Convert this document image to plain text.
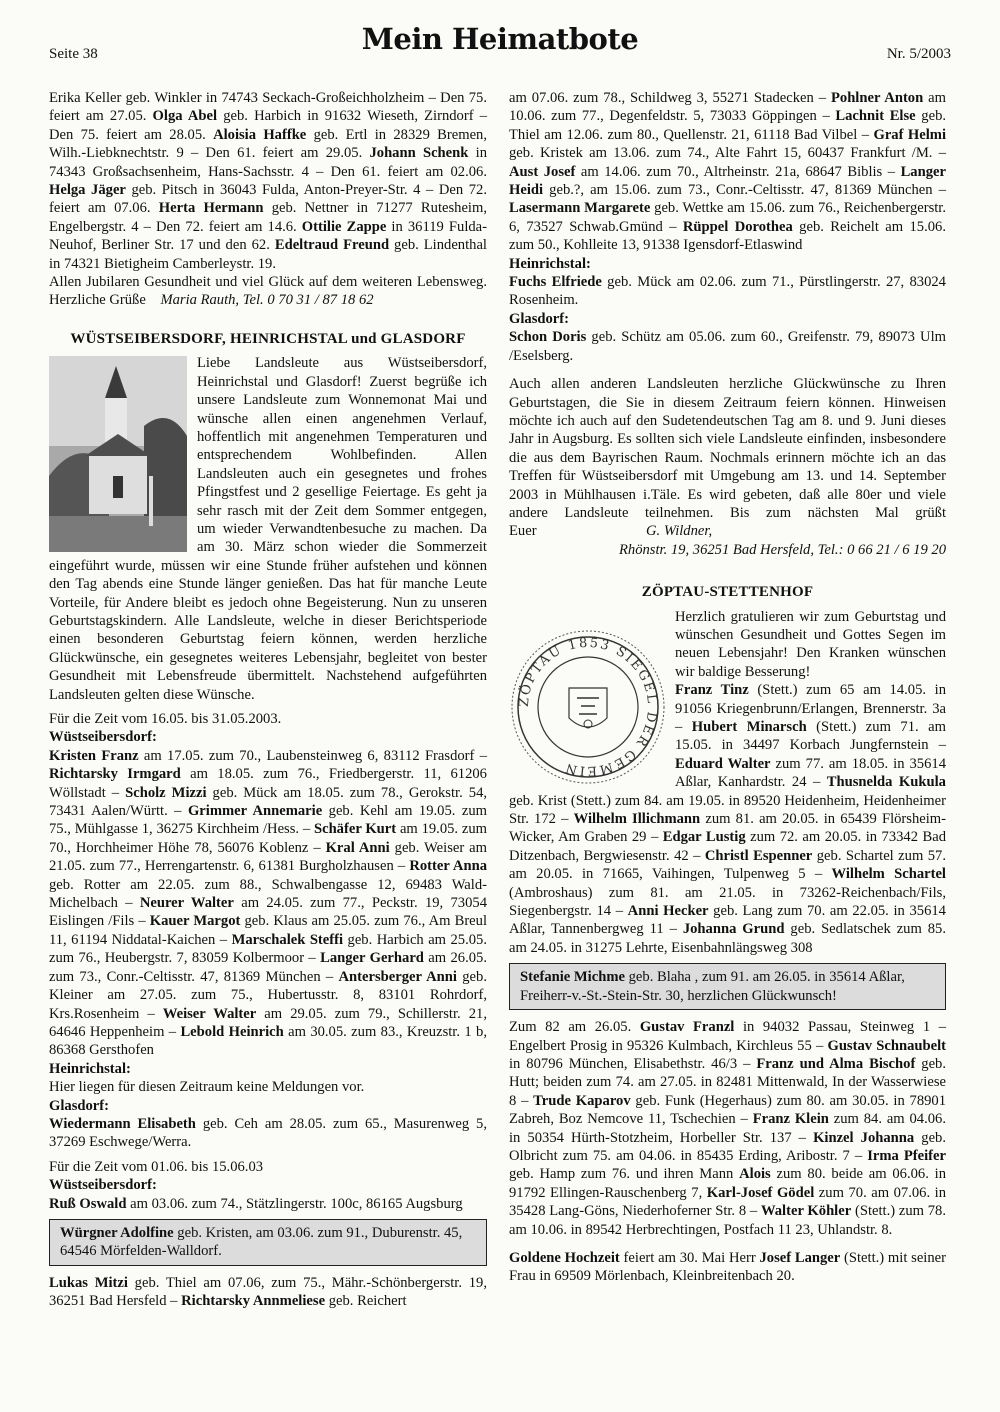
Seite 38	Mein Heimatbote	Nr. 5/2003

Erika Keller geb. Winkler in 74743 Seckach-Großeichholzheim – Den 75. feiert am 27.05. Olga Abel geb. Harbich in 91632 Wieseth, Zirndorf – Den 75. feiert am 28.05. Aloisia Haffke geb. Ertl in 28329 Bremen, Wilh.-Liebknechtstr. 9 – Den 61. feiert am 29.05. Johann Schenk in 74343 Großsachsenheim, Hans-Sachsstr. 4 – Den 61. feiert am 02.06. Helga Jäger geb. Pitsch in 36043 Fulda, Anton-Preyer-Str. 4 – Den 72. feiert am 07.06. Herta Hermann geb. Nettner in 71277 Rutesheim, Engelbergstr. 4 – Den 72. feiert am 14.6. Ottilie Zappe in 36119 Fulda-Neuhof, Berliner Str. 17 und den 62. Edeltraud Freund geb. Lindenthal in 74321 Bietigheim Camberleystr. 19.

Allen Jubilaren Gesundheit und viel Glück auf dem weiteren Lebensweg. Herzliche Grüße Maria Rauth, Tel. 0 70 31 / 87 18 62

WÜSTSEIBERSDORF, HEINRICHSTAL und GLASDORF

Liebe Landsleute aus Wüstseibersdorf, Heinrichstal und Glasdorf! Zuerst begrüße ich unsere Landsleute zum Wonnemonat Mai und wünsche allen einen angenehmen Verlauf, hoffentlich mit angenehmen Temperaturen und entsprechendem Wohlbefinden. Allen Landsleuten auch ein gesegnetes und frohes Pfingstfest und 2 gesellige Feiertage. Es geht ja sehr rasch mit der Zeit dem Sommer entgegen, um wieder Verwandtenbesuche zu machen. Da am 30. März schon wieder die Sommerzeit eingeführt wurde, müssen wir eine Stunde früher aufstehen und können den Tag abends eine Stunde länger genießen. Das hat für manche Leute Vorteile, für Andere bleibt es jedoch ohne Begeisterung. Nun zu unseren Geburtstagskindern. Alle Landsleute, welche in dieser Berichtsperiode einen besonderen Geburtstag feiern können, werden herzliche Glückwünsche, ein gesegnetes weiteres Lebensjahr, begleitet von bester Gesundheit mit Lebensfreude übermittelt. Nachstehend aufgeführten Landsleuten gelten diese Wünsche.

Für die Zeit vom 16.05. bis 31.05.2003.

Wüstseibersdorf:

Kristen Franz am 17.05. zum 70., Laubensteinweg 6, 83112 Frasdorf – Richtarsky Irmgard am 18.05. zum 76., Friedbergerstr. 11, 61206 Wöllstadt – Scholz Mizzi geb. Mück am 18.05. zum 78., Gerokstr. 54, 73431 Aalen/Württ. – Grimmer Annemarie geb. Kehl am 19.05. zum 75., Mühlgasse 1, 36275 Kirchheim /Hess. – Schäfer Kurt am 19.05. zum 70., Horchheimer Höhe 78, 56076 Koblenz – Kral Anni geb. Weiser am 21.05. zum 77., Herrengartenstr. 6, 61381 Burgholzhausen – Rotter Anna geb. Rotter am 22.05. zum 88., Schwalbengasse 12, 69483 Wald-Michelbach – Neurer Walter am 24.05. zum 77., Peckstr. 19, 73054 Eislingen /Fils – Kauer Margot geb. Klaus am 25.05. zum 76., Am Breul 11, 61194 Niddatal-Kaichen – Marschalek Steffi geb. Harbich am 25.05. zum 76., Heubergstr. 7, 83059 Kolbermoor – Langer Gerhard am 26.05. zum 73., Conr.-Celtisstr. 47, 81369 München – Antersberger Anni geb. Kleiner am 27.05. zum 75., Hubertusstr. 8, 83101 Rohrdorf, Krs.Rosenheim – Weiser Walter am 29.05. zum 79., Schillerstr. 21, 64646 Heppenheim – Lebold Heinrich am 30.05. zum 83., Kreuzstr. 1 b, 86368 Gersthofen

Heinrichstal:

Hier liegen für diesen Zeitraum keine Meldungen vor.

Glasdorf:

Wiedermann Elisabeth geb. Ceh am 28.05. zum 65., Masurenweg 5, 37269 Eschwege/Werra.

Für die Zeit vom 01.06. bis 15.06.03

Wüstseibersdorf:

Ruß Oswald am 03.06. zum 74., Stätzlingerstr. 100c, 86165 Augsburg

Würgner Adolfine geb. Kristen, am 03.06. zum 91., Duburenstr. 45, 64546 Mörfelden-Walldorf.

Lukas Mitzi geb. Thiel am 07.06, zum 75., Mähr.-Schönbergerstr. 19, 36251 Bad Hersfeld – Richtarsky Annmeliese geb. Reichert

am 07.06. zum 78., Schildweg 3, 55271 Stadecken – Pohlner Anton am 10.06. zum 77., Degenfeldstr. 5, 73033 Göppingen – Lachnit Else geb. Thiel am 12.06. zum 80., Quellenstr. 21, 61118 Bad Vilbel – Graf Helmi geb. Kristek am 13.06. zum 74., Alte Fahrt 15, 60437 Frankfurt /M. – Aust Josef am 14.06. zum 70., Altrheinstr. 21a, 68647 Biblis – Langer Heidi geb.?, am 15.06. zum 73., Conr.-Celtisstr. 47, 81369 München – Lasermann Margarete geb. Wettke am 15.06. zum 76., Reichenbergerstr. 6, 73527 Schwab.Gmünd – Rüppel Dorothea geb. Reichelt am 15.06. zum 50., Kohlleite 13, 91338 Igensdorf-Etlaswind

Heinrichstal:

Fuchs Elfriede geb. Mück am 02.06. zum 71., Pürstlingerstr. 27, 83024 Rosenheim.

Glasdorf:

Schon Doris geb. Schütz am 05.06. zum 60., Greifenstr. 79, 89073 Ulm /Eselsberg.

Auch allen anderen Landsleuten herzliche Glückwünsche zu Ihren Geburtstagen, die Sie in diesem Zeitraum feiern können. Hinweisen möchte ich auch auf den Sudetendeutschen Tag am 8. und 9. Juni dieses Jahr in Augsburg. Es sollten sich viele Landsleute einfinden, insbesondere die aus dem Bayrischen Raum. Nochmals erinnern möchte ich an das Treffen für Wüstseibersdorf mit Umgebung am 13. und 14. September 2003 in Mühlhausen i.Täle. Es wird gebeten, daß alle 80er und viele andere Landsleute teilnehmen. Bis zum nächsten Mal grüßt Euer	G. Wildner,

Rhönstr. 19, 36251 Bad Hersfeld, Tel.: 0 66 21 / 6 19 20

ZÖPTAU-STETTENHOF
ZÖPTAU 1853 SIEGEL DER GEMEIN

Herzlich gratulieren wir zum Geburtstag und wünschen Gesundheit und Gottes Segen im neuen Lebensjahr! Den Kranken wünschen wir baldige Besserung!

Franz Tinz (Stett.) zum 65 am 14.05. in 91056 Kriegenbrunn/Erlangen, Brennerstr. 3a – Hubert Minarsch (Stett.) zum 71. am 15.05. in 34497 Korbach Jungfernstein – Eduard Walter zum 77. am 18.05. in 35614 Aßlar, Kanhardstr. 24 – Thusnelda Kukula geb. Krist (Stett.) zum 84. am 19.05. in 89520 Heidenheim, Heidenheimer Str. 172 – Wilhelm Illichmann zum 81. am 20.05. in 65439 Flörsheim-Wicker, Am Graben 29 – Edgar Lustig zum 72. am 20.05. in 73342 Bad Ditzenbach, Bergwiesenstr. 42 – Christl Espenner geb. Schartel zum 57. am 20.05. in 71665, Vaihingen, Tulpenweg 5 – Wilhelm Schartel (Ambroshaus) zum 81. am 21.05. in 73262-Reichenbach/Fils, Siegenbergstr. 14 – Anni Hecker geb. Lang zum 70. am 22.05. in 35614 Aßlar, Tannenbergweg 11 – Johanna Grund geb. Sedlatschek zum 85. am 24.05. in 31275 Lehrte, Eisenbahnlängsweg 308

Stefanie Michme geb. Blaha , zum 91. am 26.05. in 35614 Aßlar, Freiherr-v.-St.-Stein-Str. 30, herzlichen Glückwunsch!

Zum 82 am 26.05. Gustav Franzl in 94032 Passau, Steinweg 1 – Engelbert Prosig in 95326 Kulmbach, Kirchleus 55 – Gustav Schnaubelt in 80796 München, Elisabethstr. 46/3 – Franz und Alma Bischof geb. Hutt; beiden zum 74. am 27.05. in 82481 Mittenwald, In der Wasserwiese 8 – Trude Kaparov geb. Funk (Hegerhaus) zum 80. am 30.05. in 78901 Zabreh, Boz Nemcove 11, Tschechien – Franz Klein zum 84. am 04.06. in 50354 Hürth-Stotzheim, Horbeller Str. 137 – Kinzel Johanna geb. Olbricht zum 75. am 04.06. in 85435 Erding, Aribostr. 7 – Irma Pfeifer geb. Hamp zum 76. und ihren Mann Alois zum 80. beide am 06.06. in 91792 Ellingen-Rauschenberg 7, Karl-Josef Gödel zum 70. am 07.06. in 35428 Lang-Göns, Niederhoferner Str. 8 – Walter Köhler (Stett.) zum 78. am 10.06. in 89542 Herbrechtingen, Postfach 11 23, Uhlandstr. 8.

Goldene Hochzeit feiert am 30. Mai Herr Josef Langer (Stett.) mit seiner Frau in 69509 Mörlenbach, Kleinbreitenbach 20.
